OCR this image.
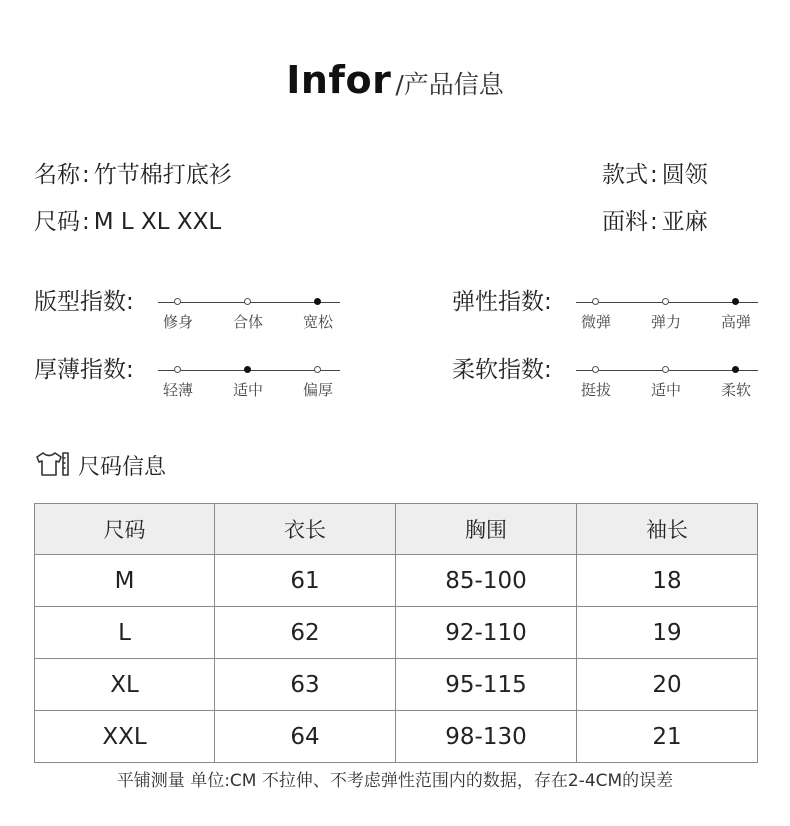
Infor /产品信息
名称: 竹节棉打底衫
尺码: M L XL XXL
款式: 圆领
面料: 亚麻
版型指数:
修身	合体	宽松
弹性指数:
微弹	弹力	高弹
厚薄指数:
轻薄	适中	偏厚
柔软指数:
挺拔	适中	柔软
尺码信息
尺码	衣长	胸围	袖长
M	61	85-100	18
L	62	92-110	19
XL	63	95-115	20
XXL	64	98-130	21
平铺测量 单位:CM 不拉伸、不考虑弹性范围内的数据，存在2-4CM的误差
